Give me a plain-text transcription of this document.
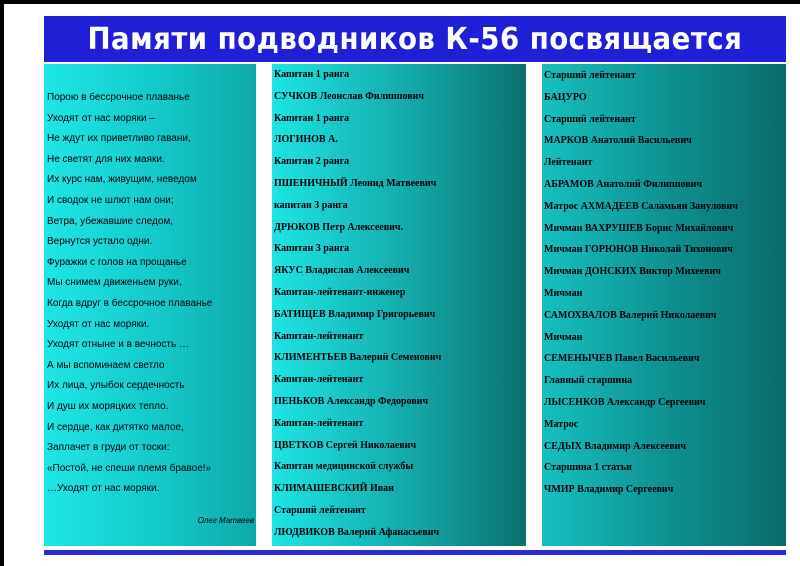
Памяти подводников К-56 посвящается
Порою в бессрочное плаванье
Уходят от нас моряки –
Не ждут их приветливо гавани,
Не светят для них маяки.
Их курс нам, живущим, неведом
И сводок не шлют нам они;
Ветра, убежавшие следом,
Вернутся устало одни.
Фуражки с голов на прощанье
Мы снимем движеньем руки,
Когда вдруг в бессрочное плаванье
Уходят от нас моряки.
Уходят отныне и в вечность …
А мы вспоминаем светло
Их лица, улыбок сердечность
И душ их моряцких тепло.
И сердце, как дитятко малое,
Заплачет в груди от тоски:
«Постой, не спеши племя бравое!»
…Уходят от нас моряки.
Олег Матвеев
Капитан 1 ранга
СУЧКОВ Леонслав Филиппович
Капитан 1 ранга
ЛОГИНОВ А.
Капитан 2 ранга
ПШЕНИЧНЫЙ Леонид Матвеевич
капитан 3 ранга
ДРЮКОВ Петр Алексеевич.
Капитан 3 ранга
ЯКУС Владислав Алексеевич
Капитан-лейтенант-инженер
БАТИЩЕВ Владимир Григорьевич
Капитан-лейтенант
КЛИМЕНТЬЕВ Валерий Семенович
Капитан-лейтенант
ПЕНЬКОВ Александр Федорович
Капитан-лейтенант
ЦВЕТКОВ Сергей Николаевич
Капитан медицинской службы
КЛИМАШЕВСКИЙ Иван
Старший лейтенант
ЛЮДВИКОВ Валерий Афанасьевич
Старший лейтенант
БАЦУРО
Старший лейтенант
МАРКОВ Анатолий Васильевич
Лейтенант
АБРАМОВ Анатолий Филиппович
Матрос АХМАДЕЕВ Саламьян Занулович
Мичман ВАХРУШЕВ Борис Михайлович
Мичман ГОРЮНОВ Николай Тихонович
Мичман ДОНСКИХ Виктор Михеевич
Мичман
САМОХВАЛОВ Валерий Николаевич
Мичман
СЕМЕНЫЧЕВ Павел Васильевич
Главный старшина
ЛЫСЕНКОВ Александр Сергеевич
Матрос
СЕДЫХ Владимир Алексеевич
Старшина 1 статьи
ЧМИР Владимир Сергеевич
